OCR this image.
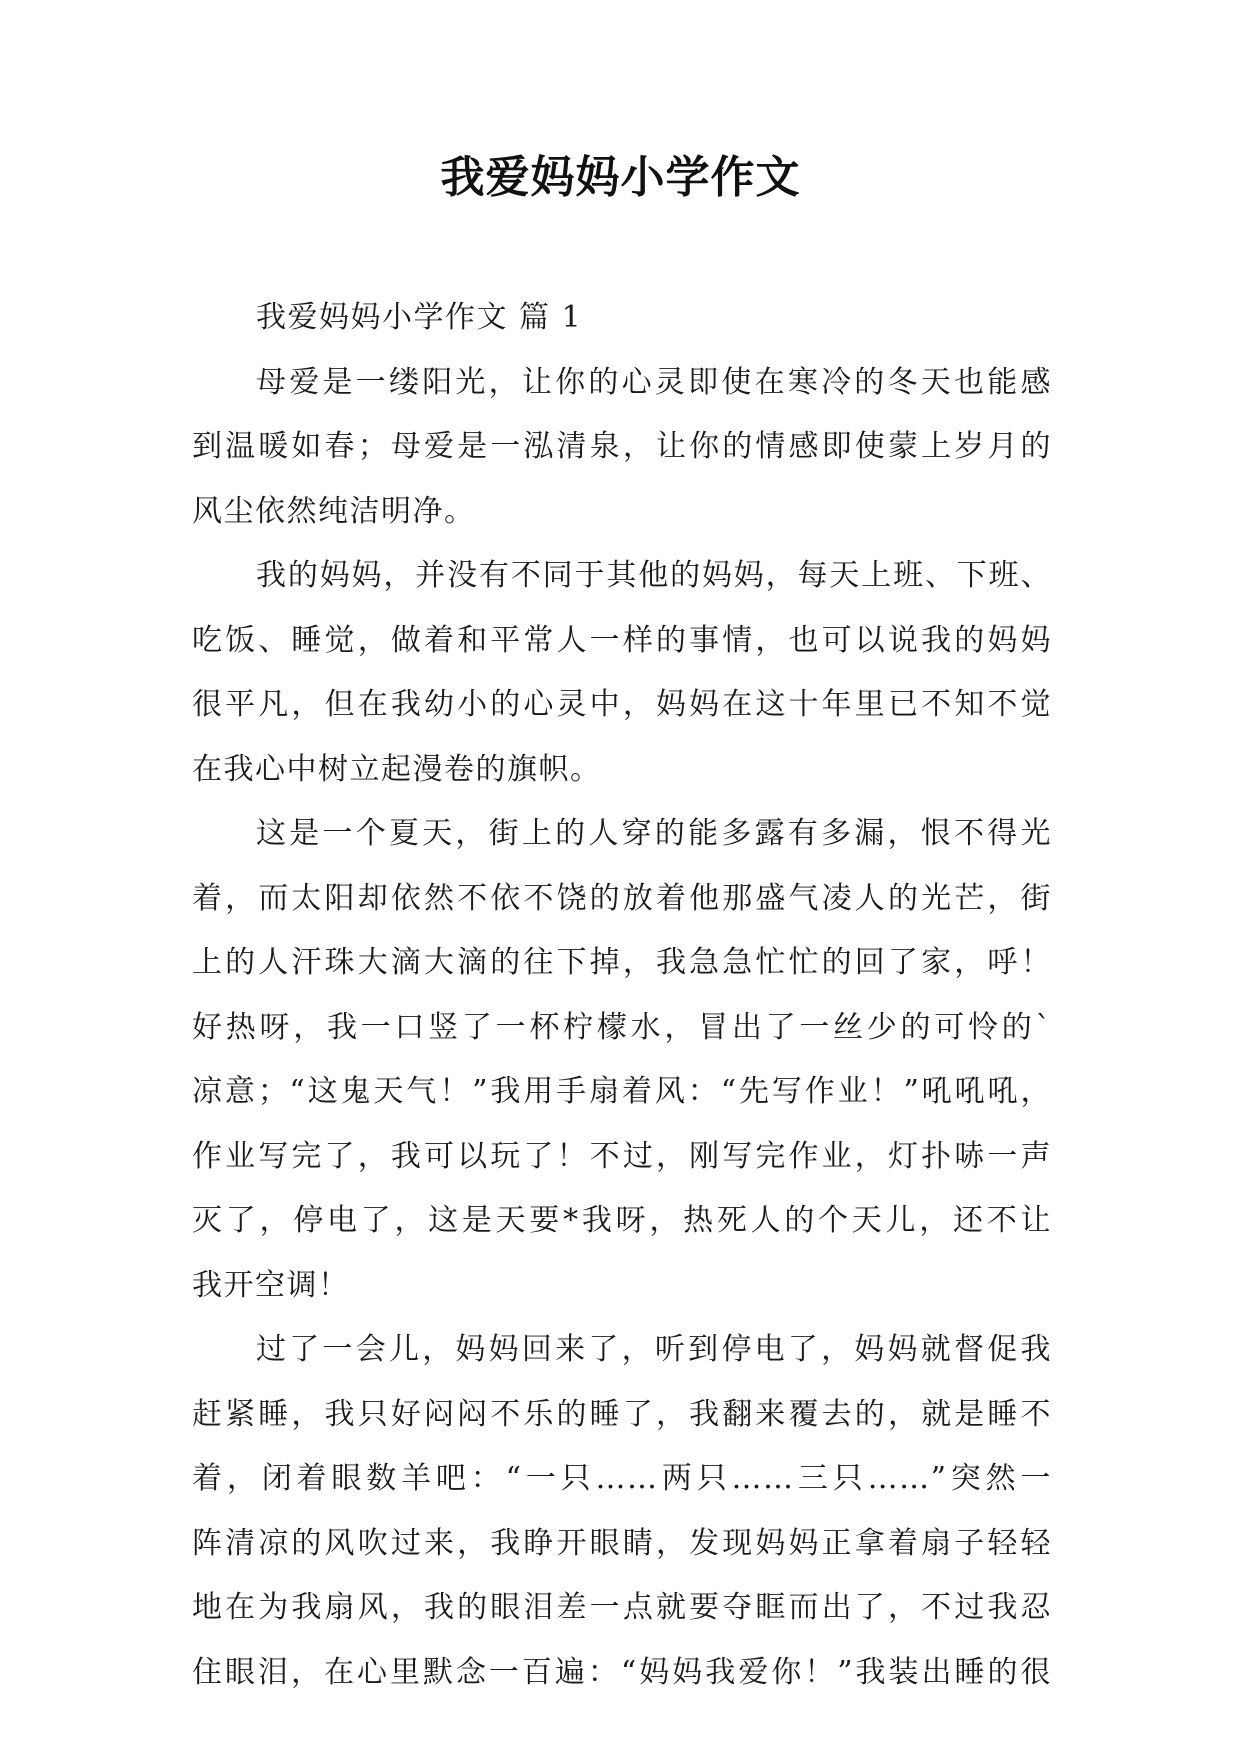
我爱妈妈小学作文
我爱妈妈小学作文 篇 1
母爱是一缕阳光，让你的心灵即使在寒冷的冬天也能感
到温暖如春；母爱是一泓清泉，让你的情感即使蒙上岁月的
风尘依然纯洁明净。
我的妈妈，并没有不同于其他的妈妈，每天上班、下班、
吃饭、睡觉，做着和平常人一样的事情，也可以说我的妈妈
很平凡，但在我幼小的心灵中，妈妈在这十年里已不知不觉
在我心中树立起漫卷的旗帜。
这是一个夏天，街上的人穿的能多露有多漏，恨不得光
着，而太阳却依然不依不饶的放着他那盛气凌人的光芒，街
上的人汗珠大滴大滴的往下掉，我急急忙忙的回了家，呼！
好热呀，我一口竖了一杯柠檬水，冒出了一丝少的可怜的`
凉意；“这鬼天气！”我用手扇着风：“先写作业！”吼吼吼，
作业写完了，我可以玩了！不过，刚写完作业，灯扑哧一声
灭了，停电了，这是天要*我呀，热死人的个天儿，还不让
我开空调！
过了一会儿，妈妈回来了，听到停电了，妈妈就督促我
赶紧睡，我只好闷闷不乐的睡了，我翻来覆去的，就是睡不
着，闭着眼数羊吧：“一只……两只……三只……”突然一
阵清凉的风吹过来，我睁开眼睛，发现妈妈正拿着扇子轻轻
地在为我扇风，我的眼泪差一点就要夺眶而出了，不过我忍
住眼泪，在心里默念一百遍：“妈妈我爱你！”我装出睡的很
